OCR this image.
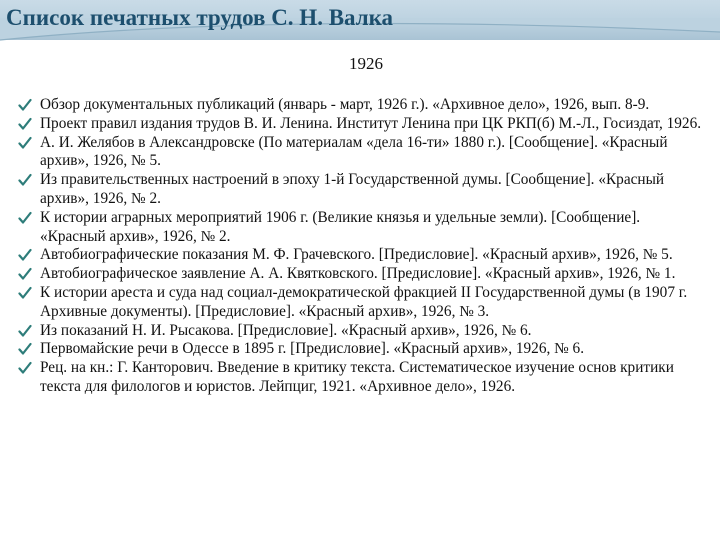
Список печатных трудов С. Н. Валка
1926
Обзор документальных публикаций (январь - март, 1926 г.). «Архивное дело», 1926, вып. 8-9.
Проект правил издания трудов В. И. Ленина. Институт Ленина при ЦК РКП(б) М.-Л., Госиздат, 1926.
А. И. Желябов в Александровске (По материалам «дела 16-ти» 1880 г.). [Сообщение]. «Красный архив», 1926, № 5.
Из правительственных настроений в эпоху 1-й Государственной думы. [Сообщение]. «Красный архив», 1926, № 2.
К истории аграрных мероприятий 1906 г. (Великие князья и удельные земли). [Сообщение]. «Красный архив», 1926, № 2.
Автобиографические показания М. Ф. Грачевского. [Предисловие]. «Красный архив», 1926, № 5.
Автобиографическое заявление А. А. Квятковского. [Предисловие]. «Красный архив», 1926, № 1.
К истории ареста и суда над социал-демократической фракцией II Государственной думы (в 1907 г. Архивные документы). [Предисловие]. «Красный архив», 1926, № 3.
Из показаний Н. И. Рысакова. [Предисловие]. «Красный архив», 1926, № 6.
Первомайские речи в Одессе в 1895 г. [Предисловие]. «Красный архив», 1926, № 6.
Рец. на кн.: Г. Канторович. Введение в критику текста. Систематическое изучение основ критики текста для филологов и юристов. Лейпциг, 1921. «Архивное дело», 1926.
